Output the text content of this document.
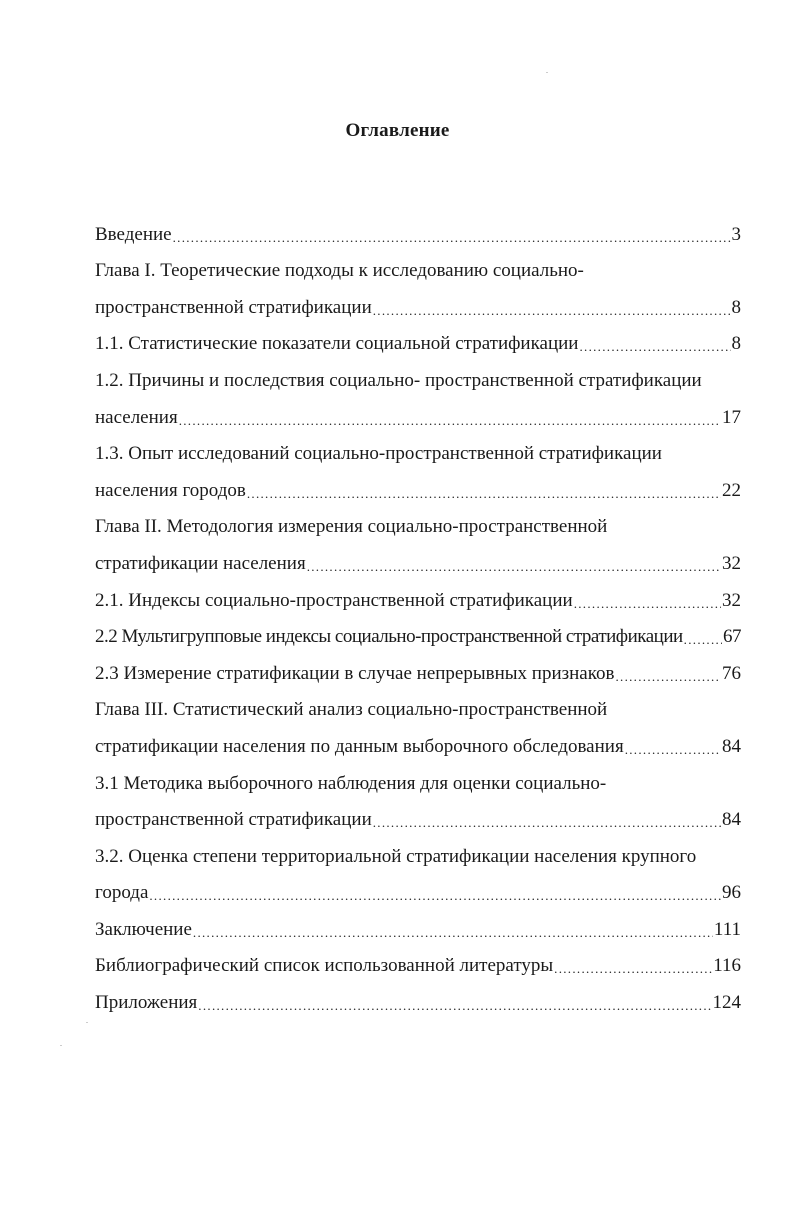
Оглавление
Введение .....	3
Глава I. Теоретические подходы к исследованию социально-
пространственной стратификации .....	8
1.1. Статистические показатели социальной стратификации .....	8
1.2. Причины и последствия социально- пространственной стратификации
населения .....	17
1.3. Опыт исследований социально-пространственной стратификации
населения городов .....	22
Глава II. Методология измерения социально-пространственной
стратификации населения .....	32
2.1. Индексы социально-пространственной стратификации .....	32
2.2 Мультигрупповые индексы социально-пространственной стратификации ..... 67
2.3 Измерение стратификации в случае непрерывных признаков .....	76
Глава III. Статистический анализ социально-пространственной
стратификации населения по данным выборочного обследования .....	84
3.1 Методика выборочного наблюдения для оценки социально-
пространственной стратификации .....	84
3.2. Оценка степени территориальной стратификации населения крупного
города .....	96
Заключение .....	111
Библиографический список использованной литературы .....	116
Приложения .....	124
